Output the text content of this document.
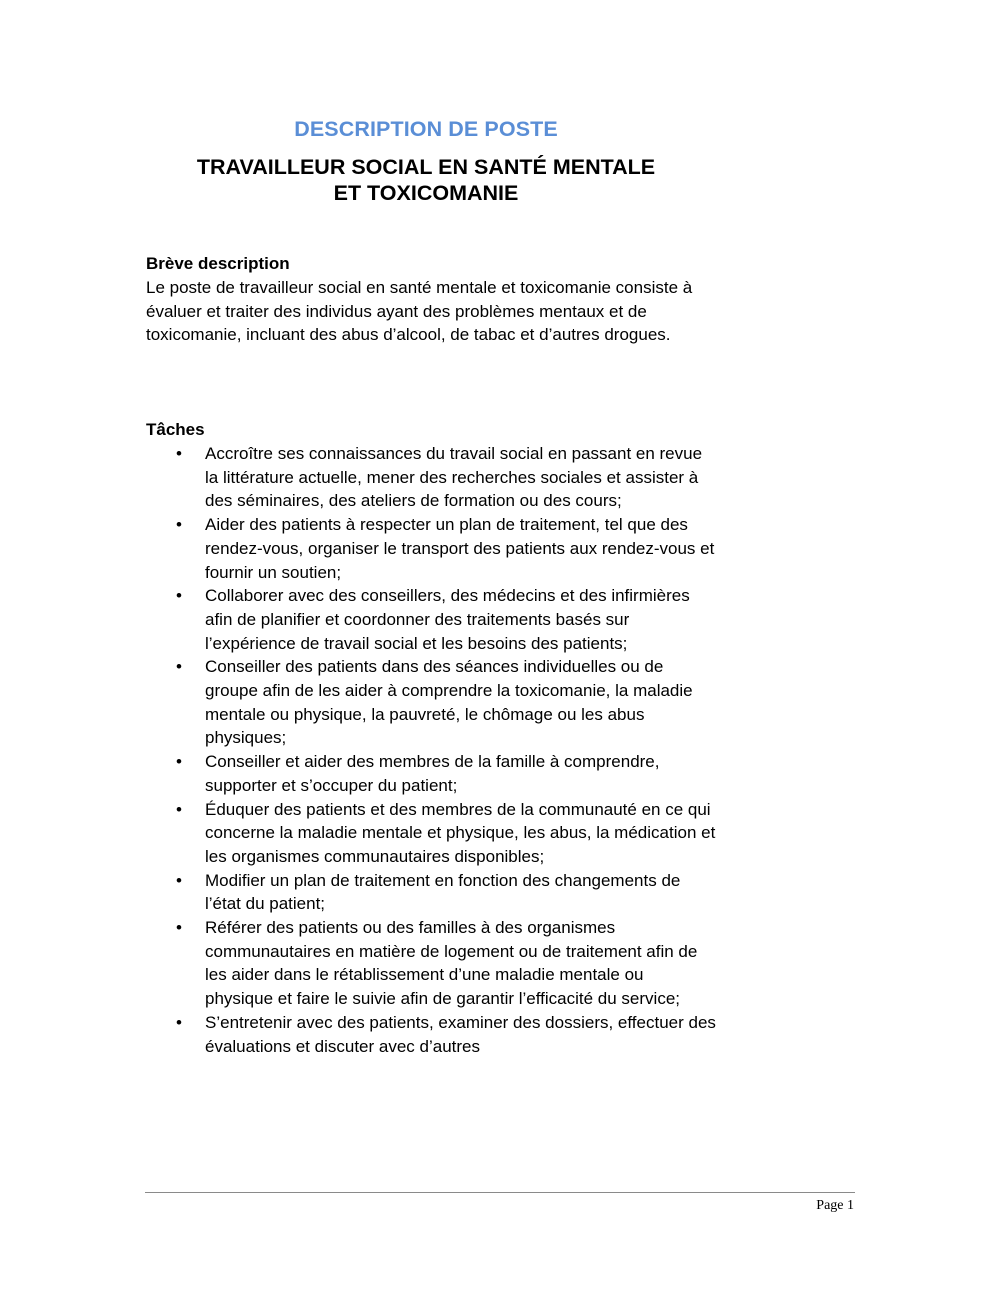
DESCRIPTION DE POSTE
TRAVAILLEUR SOCIAL EN SANTÉ MENTALE
ET TOXICOMANIE
Brève description
Le poste de travailleur social en santé mentale et toxicomanie consiste à évaluer et traiter des individus ayant des problèmes mentaux et de toxicomanie, incluant des abus d’alcool, de tabac et d’autres drogues.
Tâches
• Accroître ses connaissances du travail social en passant en revue la littérature actuelle, mener des recherches sociales et assister à des séminaires, des ateliers de formation ou des cours;
• Aider des patients à respecter un plan de traitement, tel que des rendez-vous, organiser le transport des patients aux rendez-vous et fournir un soutien;
• Collaborer avec des conseillers, des médecins et des infirmières afin de planifier et coordonner des traitements basés sur l’expérience de travail social et les besoins des patients;
• Conseiller des patients dans des séances individuelles ou de groupe afin de les aider à comprendre la toxicomanie, la maladie mentale ou physique, la pauvreté, le chômage ou les abus physiques;
• Conseiller et aider des membres de la famille à comprendre, supporter et s’occuper du patient;
• Éduquer des patients et des membres de la communauté en ce qui concerne la maladie mentale et physique, les abus, la médication et les organismes communautaires disponibles;
• Modifier un plan de traitement en fonction des changements de l’état du patient;
• Référer des patients ou des familles à des organismes communautaires en matière de logement ou de traitement afin de les aider dans le rétablissement d’une maladie mentale ou physique et faire le suivie afin de garantir l’efficacité du service;
• S’entretenir avec des patients, examiner des dossiers, effectuer des évaluations et discuter avec d’autres
Page 1
